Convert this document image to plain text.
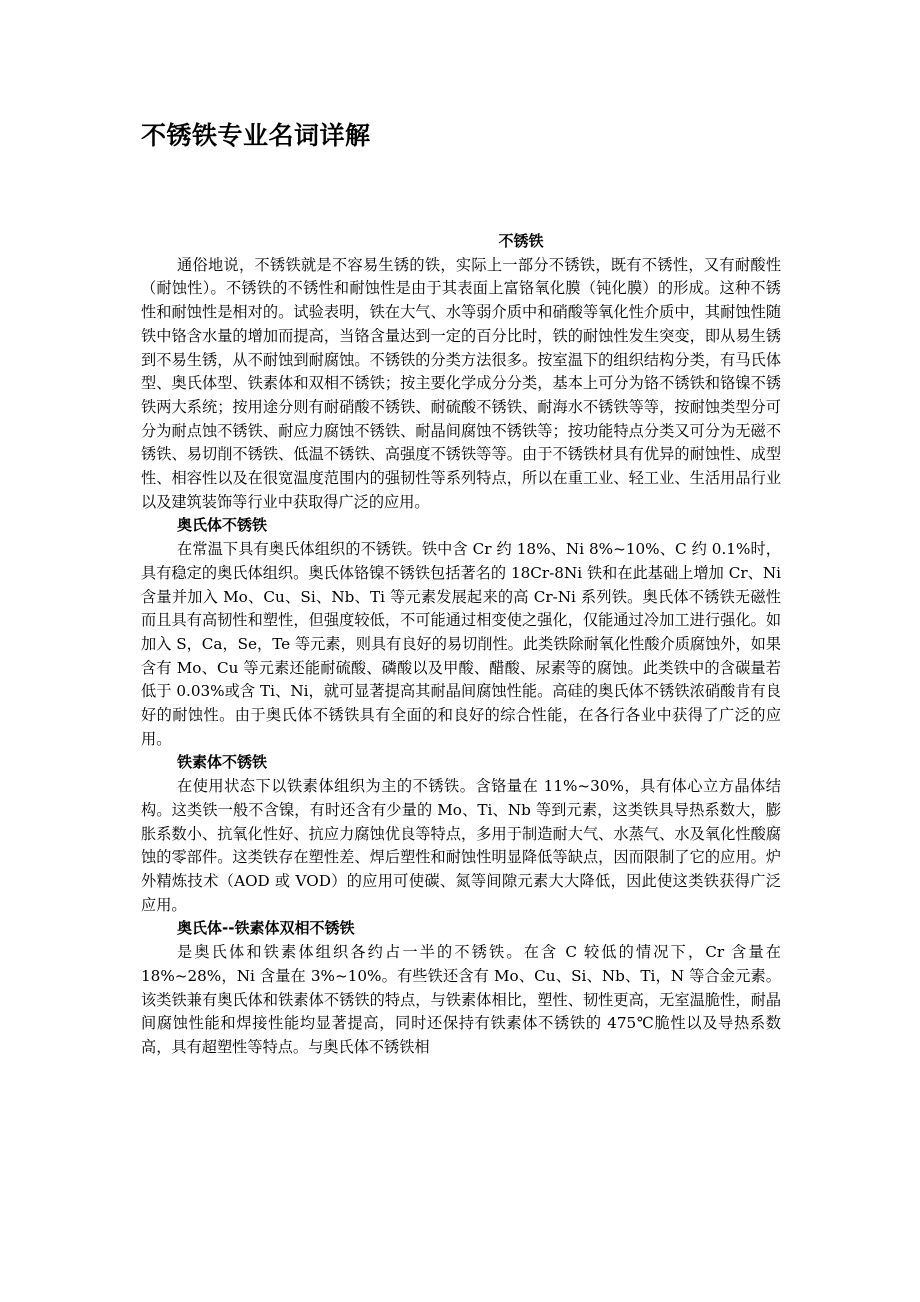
不锈铁专业名词详解

不锈铁

通俗地说，不锈铁就是不容易生锈的铁，实际上一部分不锈铁，既有不锈性，又有耐酸性（耐蚀性）。不锈铁的不锈性和耐蚀性是由于其表面上富铬氧化膜（钝化膜）的形成。这种不锈性和耐蚀性是相对的。试验表明，铁在大气、水等弱介质中和硝酸等氧化性介质中，其耐蚀性随铁中铬含水量的增加而提高，当铬含量达到一定的百分比时，铁的耐蚀性发生突变，即从易生锈到不易生锈，从不耐蚀到耐腐蚀。不锈铁的分类方法很多。按室温下的组织结构分类，有马氏体型、奥氏体型、铁素体和双相不锈铁；按主要化学成分分类，基本上可分为铬不锈铁和铬镍不锈铁两大系统；按用途分则有耐硝酸不锈铁、耐硫酸不锈铁、耐海水不锈铁等等，按耐蚀类型分可分为耐点蚀不锈铁、耐应力腐蚀不锈铁、耐晶间腐蚀不锈铁等；按功能特点分类又可分为无磁不锈铁、易切削不锈铁、低温不锈铁、高强度不锈铁等等。由于不锈铁材具有优异的耐蚀性、成型性、相容性以及在很宽温度范围内的强韧性等系列特点，所以在重工业、轻工业、生活用品行业以及建筑装饰等行业中获取得广泛的应用。

奥氏体不锈铁

在常温下具有奥氏体组织的不锈铁。铁中含 Cr 约 18%、Ni 8%~10%、C 约 0.1%时，具有稳定的奥氏体组织。奥氏体铬镍不锈铁包括著名的 18Cr-8Ni 铁和在此基础上增加 Cr、Ni 含量并加入 Mo、Cu、Si、Nb、Ti 等元素发展起来的高 Cr-Ni 系列铁。奥氏体不锈铁无磁性而且具有高韧性和塑性，但强度较低，不可能通过相变使之强化，仅能通过冷加工进行强化。如加入 S，Ca，Se，Te 等元素，则具有良好的易切削性。此类铁除耐氧化性酸介质腐蚀外，如果含有 Mo、Cu 等元素还能耐硫酸、磷酸以及甲酸、醋酸、尿素等的腐蚀。此类铁中的含碳量若低于 0.03%或含 Ti、Ni，就可显著提高其耐晶间腐蚀性能。高硅的奥氏体不锈铁浓硝酸肯有良好的耐蚀性。由于奥氏体不锈铁具有全面的和良好的综合性能，在各行各业中获得了广泛的应用。

铁素体不锈铁

在使用状态下以铁素体组织为主的不锈铁。含铬量在 11%~30%，具有体心立方晶体结构。这类铁一般不含镍，有时还含有少量的 Mo、Ti、Nb 等到元素，这类铁具导热系数大，膨胀系数小、抗氧化性好、抗应力腐蚀优良等特点，多用于制造耐大气、水蒸气、水及氧化性酸腐蚀的零部件。这类铁存在塑性差、焊后塑性和耐蚀性明显降低等缺点，因而限制了它的应用。炉外精炼技术（AOD 或 VOD）的应用可使碳、氮等间隙元素大大降低，因此使这类铁获得广泛应用。

奥氏体--铁素体双相不锈铁

是奥氏体和铁素体组织各约占一半的不锈铁。在含 C 较低的情况下，Cr 含量在 18%~28%，Ni 含量在 3%~10%。有些铁还含有 Mo、Cu、Si、Nb、Ti，N 等合金元素。该类铁兼有奥氏体和铁素体不锈铁的特点，与铁素体相比，塑性、韧性更高，无室温脆性，耐晶间腐蚀性能和焊接性能均显著提高，同时还保持有铁素体不锈铁的 475℃脆性以及导热系数高，具有超塑性等特点。与奥氏体不锈铁相
